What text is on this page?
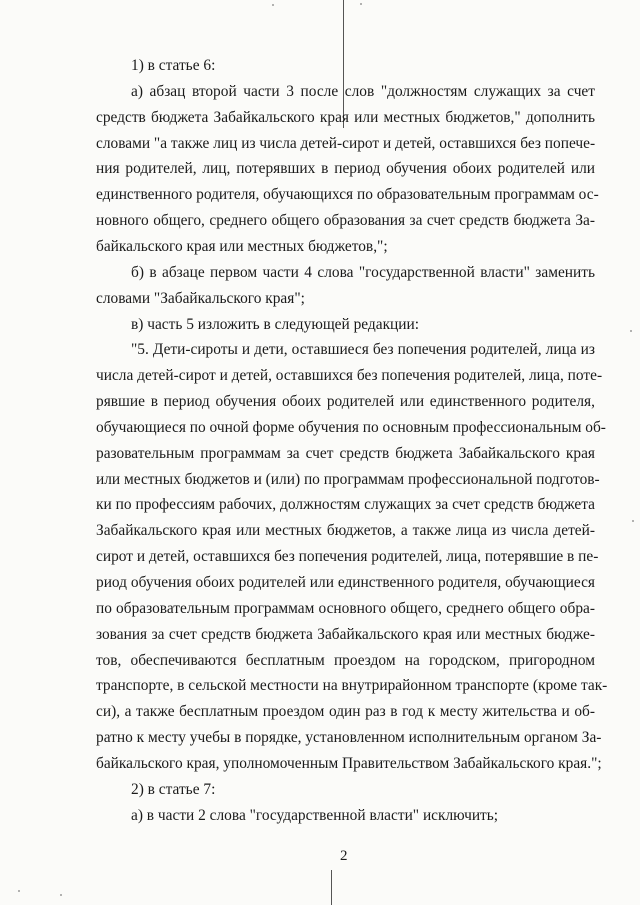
1) в статье 6:
а) абзац второй части 3 после слов "должностям служащих за счет
средств бюджета Забайкальского края или местных бюджетов," дополнить
словами "а также лиц из числа детей-сирот и детей, оставшихся без попече-
ния родителей, лиц, потерявших в период обучения обоих родителей или
единственного родителя, обучающихся по образовательным программам ос-
новного общего, среднего общего образования за счет средств бюджета За-
байкальского края или местных бюджетов,";
б) в абзаце первом части 4 слова "государственной власти" заменить
словами "Забайкальского края";
в) часть 5 изложить в следующей редакции:
"5. Дети-сироты и дети, оставшиеся без попечения родителей, лица из
числа детей-сирот и детей, оставшихся без попечения родителей, лица, поте-
рявшие в период обучения обоих родителей или единственного родителя,
обучающиеся по очной форме обучения по основным профессиональным об-
разовательным программам за счет средств бюджета Забайкальского края
или местных бюджетов и (или) по программам профессиональной подготов-
ки по профессиям рабочих, должностям служащих за счет средств бюджета
Забайкальского края или местных бюджетов, а также лица из числа детей-
сирот и детей, оставшихся без попечения родителей, лица, потерявшие в пе-
риод обучения обоих родителей или единственного родителя, обучающиеся
по образовательным программам основного общего, среднего общего обра-
зования за счет средств бюджета Забайкальского края или местных бюдже-
тов, обеспечиваются бесплатным проездом на городском, пригородном
транспорте, в сельской местности на внутрирайонном транспорте (кроме так-
си), а также бесплатным проездом один раз в год к месту жительства и об-
ратно к месту учебы в порядке, установленном исполнительным органом За-
байкальского края, уполномоченным Правительством Забайкальского края.";
2) в статье 7:
а) в части 2 слова "государственной власти" исключить;
2
